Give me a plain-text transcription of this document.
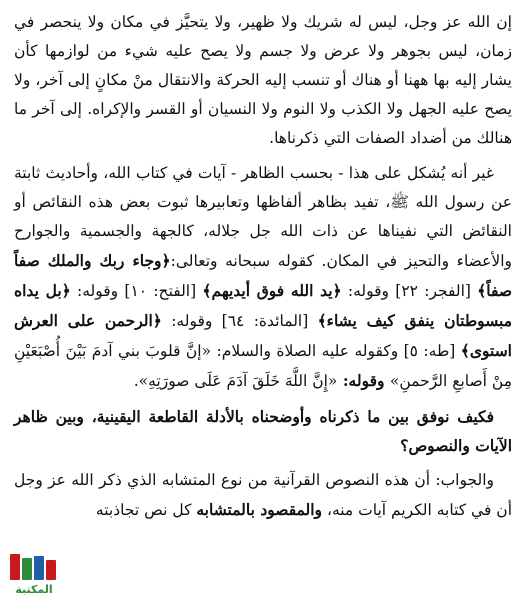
إن الله عز وجل، ليس له شريك ولا ظهير، ولا يتحيَّز في مكان ولا ينحصر في زمان، ليس بجوهر ولا عرض ولا جسم ولا يصح عليه شيء من لوازمها كأن يشار إليه بها ههنا أو هناك أو تنسب إليه الحركة والانتقال منْ مكانٍ إلى آخر، ولا يصح عليه الجهل ولا الكذب ولا النوم ولا النسيان أو القسر والإكراه. إلى آخر ما هنالك من أضداد الصفات التي ذكرناها.

غير أنه يُشكل على هذا - بحسب الظاهر - آيات في كتاب الله، وأحاديث ثابتة عن رسول الله ﷺ، تفيد بظاهر ألفاظها وتعابيرها ثبوت بعض هذه النقائص أو النقائض التي نفيناها عن ذات الله جل جلاله، كالجهة والجسمية والجوارح والأعضاء والتحيز في المكان. كقوله سبحانه وتعالى:﴿وجاء ربك والملك صفاً صفاً﴾ [الفجر: ٢٢] وقوله: ﴿يد الله فوق أيديهم﴾ [الفتح: ١٠] وقوله: ﴿بل يداه مبسوطتان ينفق كيف يشاء﴾ [المائدة: ٦٤] وقوله: ﴿الرحمن على العرش استوى﴾ [طه: ٥] وكقوله عليه الصلاة والسلام: «إنَّ قلوبَ بني آدمَ بَيْنَ أُصْبَعَيْنِ مِنْ أَصابعِ الرَّحمنِ» وقوله: «إِنَّ اللَّهَ خَلَقَ آدَمَ عَلَى صورَتِهِ».

فكيف نوفق بين ما ذكرناه وأوضحناه بالأدلة القاطعة اليقينية، وبين ظاهر الآيات والنصوص؟

والجواب: أن هذه النصوص القرآنية من نوع المتشابه الذي ذكر الله عز وجل أن في كتابه الكريم آيات منه، والمقصود بالمتشابه كل نص تجاذبته

المكتبة
